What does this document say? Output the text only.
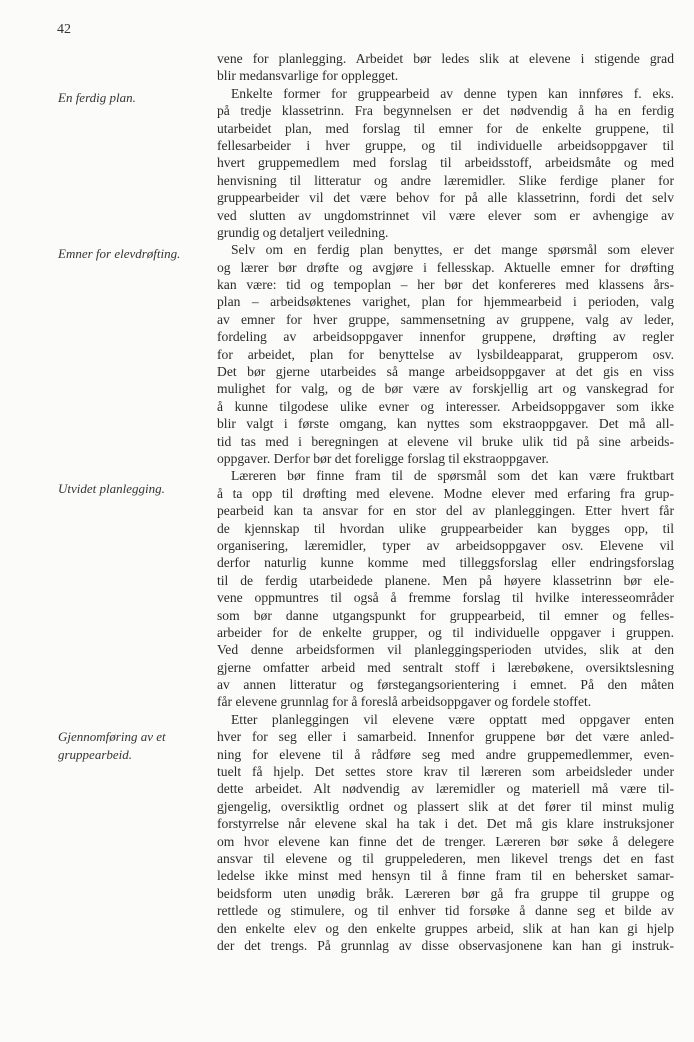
42
En ferdig plan.
Emner for elevdrøfting.
Utvidet planlegging.
Gjennomføring av et
gruppearbeid.
vene for planlegging. Arbeidet bør ledes slik at elevene i stigende grad
blir medansvarlige for opplegget.
Enkelte former for gruppearbeid av denne typen kan innføres f. eks.
på tredje klassetrinn. Fra begynnelsen er det nødvendig å ha en ferdig
utarbeidet plan, med forslag til emner for de enkelte gruppene, til
fellesarbeider i hver gruppe, og til individuelle arbeidsoppgaver til
hvert gruppemedlem med forslag til arbeidsstoff, arbeidsmåte og med
henvisning til litteratur og andre læremidler. Slike ferdige planer for
gruppearbeider vil det være behov for på alle klassetrinn, fordi det selv
ved slutten av ungdomstrinnet vil være elever som er avhengige av
grundig og detaljert veiledning.
Selv om en ferdig plan benyttes, er det mange spørsmål som elever
og lærer bør drøfte og avgjøre i fellesskap. Aktuelle emner for drøfting
kan være: tid og tempoplan – her bør det konfereres med klassens års-
plan – arbeidsøktenes varighet, plan for hjemmearbeid i perioden, valg
av emner for hver gruppe, sammensetning av gruppene, valg av leder,
fordeling av arbeidsoppgaver innenfor gruppene, drøfting av regler
for arbeidet, plan for benyttelse av lysbildeapparat, grupperom osv.
Det bør gjerne utarbeides så mange arbeidsoppgaver at det gis en viss
mulighet for valg, og de bør være av forskjellig art og vanskegrad for
å kunne tilgodese ulike evner og interesser. Arbeidsoppgaver som ikke
blir valgt i første omgang, kan nyttes som ekstraoppgaver. Det må all-
tid tas med i beregningen at elevene vil bruke ulik tid på sine arbeids-
oppgaver. Derfor bør det foreligge forslag til ekstraoppgaver.
Læreren bør finne fram til de spørsmål som det kan være fruktbart
å ta opp til drøfting med elevene. Modne elever med erfaring fra grup-
pearbeid kan ta ansvar for en stor del av planleggingen. Etter hvert får
de kjennskap til hvordan ulike gruppearbeider kan bygges opp, til
organisering, læremidler, typer av arbeidsoppgaver osv. Elevene vil
derfor naturlig kunne komme med tilleggsforslag eller endringsforslag
til de ferdig utarbeidede planene. Men på høyere klassetrinn bør ele-
vene oppmuntres til også å fremme forslag til hvilke interesseområder
som bør danne utgangspunkt for gruppearbeid, til emner og felles-
arbeider for de enkelte grupper, og til individuelle oppgaver i gruppen.
Ved denne arbeidsformen vil planleggingsperioden utvides, slik at den
gjerne omfatter arbeid med sentralt stoff i lærebøkene, oversiktslesning
av annen litteratur og førstegangsorientering i emnet. På den måten
får elevene grunnlag for å foreslå arbeidsoppgaver og fordele stoffet.
Etter planleggingen vil elevene være opptatt med oppgaver enten
hver for seg eller i samarbeid. Innenfor gruppene bør det være anled-
ning for elevene til å rådføre seg med andre gruppemedlemmer, even-
tuelt få hjelp. Det settes store krav til læreren som arbeidsleder under
dette arbeidet. Alt nødvendig av læremidler og materiell må være til-
gjengelig, oversiktlig ordnet og plassert slik at det fører til minst mulig
forstyrrelse når elevene skal ha tak i det. Det må gis klare instruksjoner
om hvor elevene kan finne det de trenger. Læreren bør søke å delegere
ansvar til elevene og til gruppelederen, men likevel trengs det en fast
ledelse ikke minst med hensyn til å finne fram til en behersket samar-
beidsform uten unødig bråk. Læreren bør gå fra gruppe til gruppe og
rettlede og stimulere, og til enhver tid forsøke å danne seg et bilde av
den enkelte elev og den enkelte gruppes arbeid, slik at han kan gi hjelp
der det trengs. På grunnlag av disse observasjonene kan han gi instruk-
